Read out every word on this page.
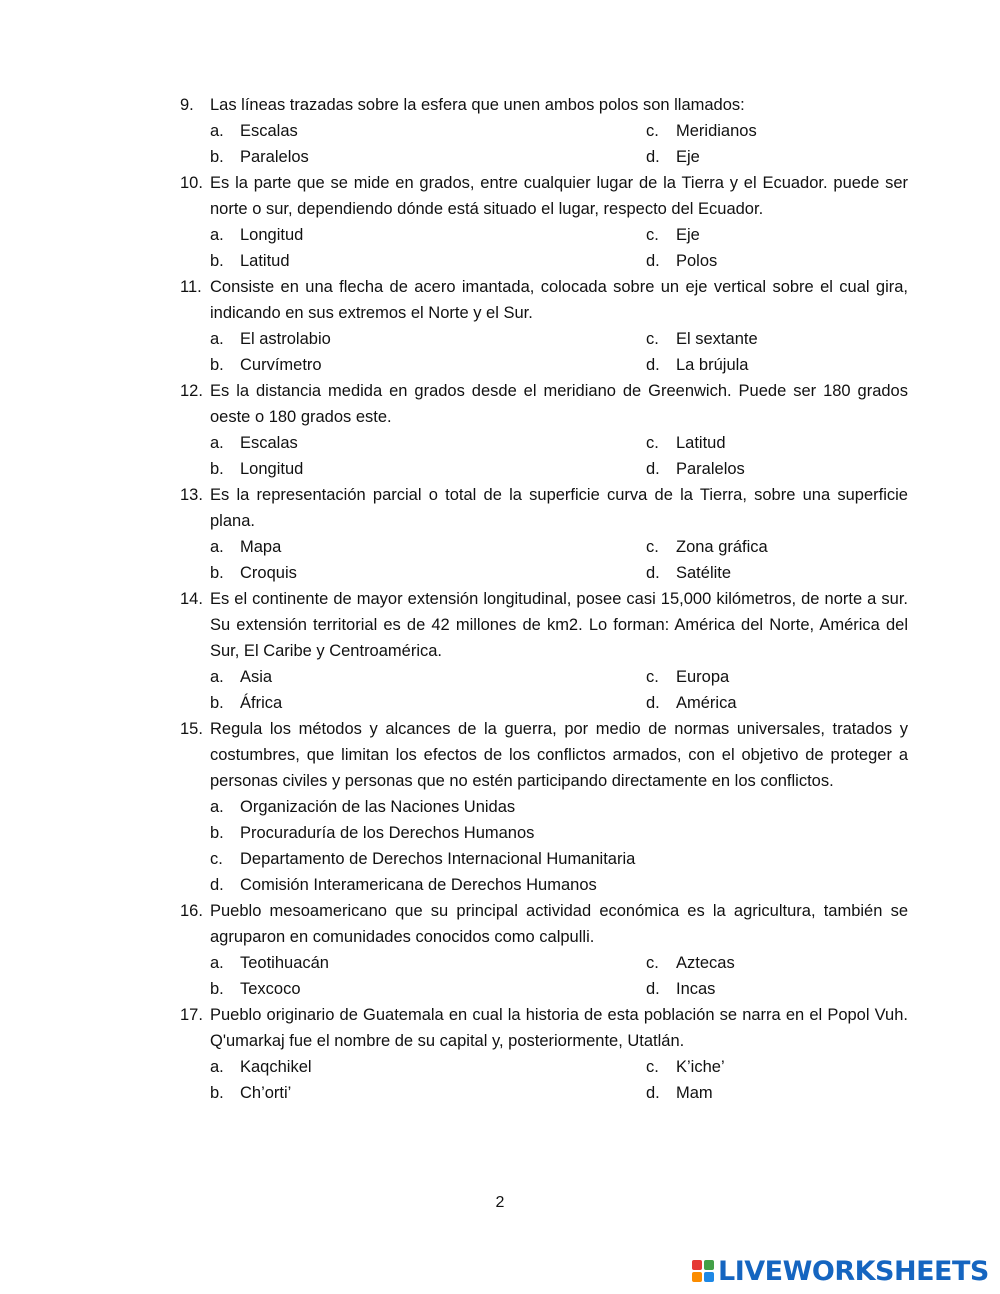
9. Las líneas trazadas sobre la esfera que unen ambos polos son llamados:
a. Escalas	c.	Meridianos
b. Paralelos	d. Eje
10. Es la parte que se mide en grados, entre cualquier lugar de la Tierra y el Ecuador. puede ser norte o sur, dependiendo dónde está situado el lugar, respecto del Ecuador.
a. Longitud	c.	Eje
b. Latitud	d. Polos
11. Consiste en una flecha de acero imantada, colocada sobre un eje vertical sobre el cual gira, indicando en sus extremos el Norte y el Sur.
a. El astrolabio	c.	El sextante
b. Curvímetro	d. La brújula
12. Es la distancia medida en grados desde el meridiano de Greenwich. Puede ser 180 grados oeste o 180 grados este.
a. Escalas	c.	Latitud
b. Longitud	d. Paralelos
13. Es la representación parcial o total de la superficie curva de la Tierra, sobre una superficie plana.
a. Mapa	c.	Zona gráfica
b. Croquis	d. Satélite
14. Es el continente de mayor extensión longitudinal, posee casi 15,000 kilómetros, de norte a sur. Su extensión territorial es de 42 millones de km2. Lo forman: América del Norte, América del Sur, El Caribe y Centroamérica.
a. Asia	c.	Europa
b. África	d. América
15. Regula los métodos y alcances de la guerra, por medio de normas universales, tratados y costumbres, que limitan los efectos de los conflictos armados, con el objetivo de proteger a personas civiles y personas que no estén participando directamente en los conflictos.
a. Organización de las Naciones Unidas
b. Procuraduría de los Derechos Humanos
c.	Departamento de Derechos Internacional Humanitaria
d. Comisión Interamericana de Derechos Humanos
16. Pueblo mesoamericano que su principal actividad económica es la agricultura, también se agruparon en comunidades conocidos como calpulli.
a. Teotihuacán	c.	Aztecas
b. Texcoco	d. Incas
17. Pueblo originario de Guatemala en cual la historia de esta población se narra en el Popol Vuh. Q'umarkaj fue el nombre de su capital y, posteriormente, Utatlán.
a. Kaqchikel	c.	K’iche’
b. Ch’orti’	d. Mam
2
LIVEWORKSHEETS
